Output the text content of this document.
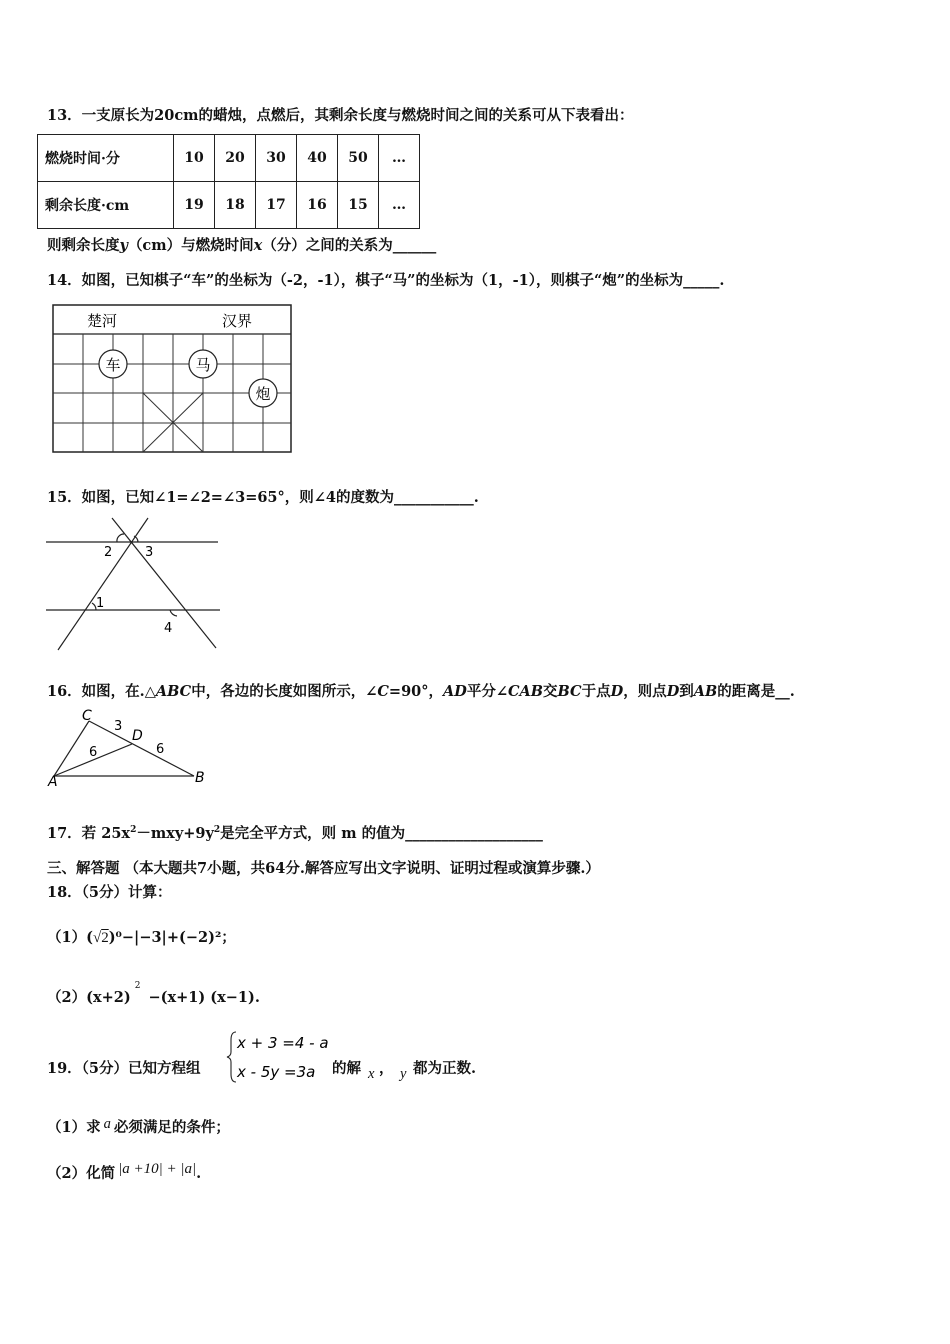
13．一支原长为20cm的蜡烛，点燃后，其剩余长度与燃烧时间之间的关系可从下表看出：
燃烧时间·分	10	20	30	40	50	…
剩余长度·cm	19	18	17	16	15	…
则剩余长度y（cm）与燃烧时间x（分）之间的关系为______
14．如图，已知棋子“车”的坐标为（-2，-1），棋子“马”的坐标为（1，-1），则棋子“炮”的坐标为_____.
楚河	汉界
车	马
炮
15．如图，已知∠1=∠2=∠3=65°，则∠4的度数为___________.
2	3
1
4
16．如图，在.△ABC中，各边的长度如图所示，∠C=90°，AD平分∠CAB交BC于点D，则点D到AB的距离是__.
C
D
A	B
3
6	6
17．若 $25x^2-mxy+9y^2$是完全平方式，则 m 的值为___________________
三、解答题 （本大题共7小题，共64分.解答应写出文字说明、证明过程或演算步骤.）
18．（5分）计算：
（1）(√2)⁰−|−3|+(−2)²；
$(2)(x+2)^2-(x+1)$ (x−1).
19．（5分）已知方程组
x + 3 =4 - a
x - 5y =3a 的解 x ， y 都为正数.
（1）求 a 必须满足的条件；
（2）化简 |a +10| + |a|.
